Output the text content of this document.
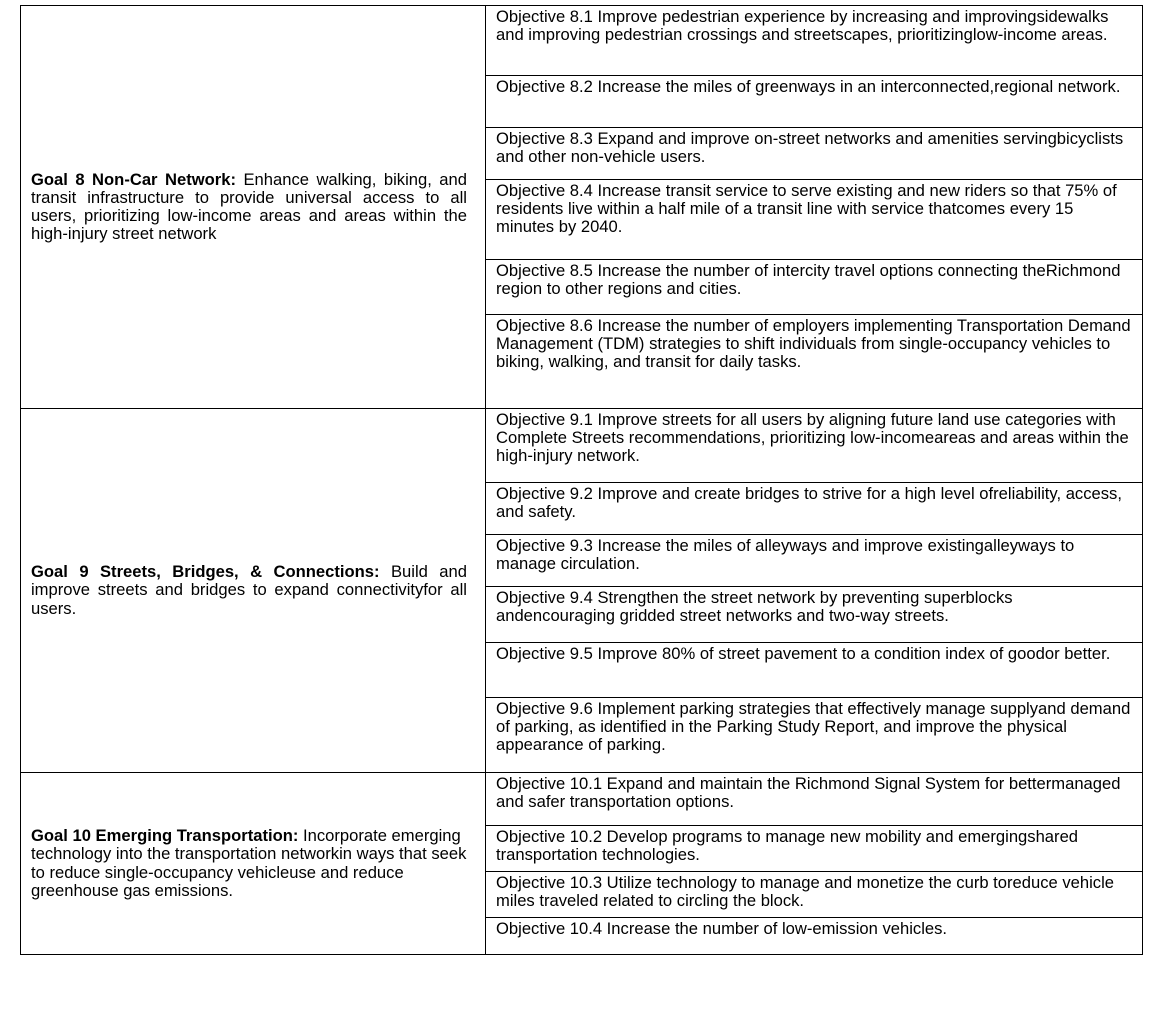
Goal 8 Non-Car Network: Enhance walking, biking, and transit infrastructure to provide universal access to all users, prioritizing low-income areas and areas within the high-injury street network	Objective 8.1 Improve pedestrian experience by increasing and improvingsidewalks and improving pedestrian crossings and streetscapes, prioritizinglow-income areas.
	Objective 8.2 Increase the miles of greenways in an interconnected,regional network.
	Objective 8.3 Expand and improve on-street networks and amenities servingbicyclists and other non-vehicle users.
	Objective 8.4 Increase transit service to serve existing and new riders so that 75% of residents live within a half mile of a transit line with service thatcomes every 15 minutes by 2040.
	Objective 8.5 Increase the number of intercity travel options connecting theRichmond region to other regions and cities.
	Objective 8.6 Increase the number of employers implementing Transportation Demand Management (TDM) strategies to shift individuals from single-occupancy vehicles to biking, walking, and transit for daily tasks.
Goal 9 Streets, Bridges, & Connections: Build and improve streets and bridges to expand connectivityfor all users.	Objective 9.1 Improve streets for all users by aligning future land use categories with Complete Streets recommendations, prioritizing low-incomeareas and areas within the high-injury network.
	Objective 9.2 Improve and create bridges to strive for a high level ofreliability, access, and safety.
	Objective 9.3 Increase the miles of alleyways and improve existingalleyways to manage circulation.
	Objective 9.4 Strengthen the street network by preventing superblocks andencouraging gridded street networks and two-way streets.
	Objective 9.5 Improve 80% of street pavement to a condition index of goodor better.
	Objective 9.6 Implement parking strategies that effectively manage supplyand demand of parking, as identified in the Parking Study Report, and improve the physical appearance of parking.
Goal 10 Emerging Transportation: Incorporate emerging technology into the transportation networkin ways that seek to reduce single-occupancy vehicleuse and reduce greenhouse gas emissions.	Objective 10.1 Expand and maintain the Richmond Signal System for bettermanaged and safer transportation options.
	Objective 10.2 Develop programs to manage new mobility and emergingshared transportation technologies.
	Objective 10.3 Utilize technology to manage and monetize the curb toreduce vehicle miles traveled related to circling the block.
	Objective 10.4 Increase the number of low-emission vehicles.
